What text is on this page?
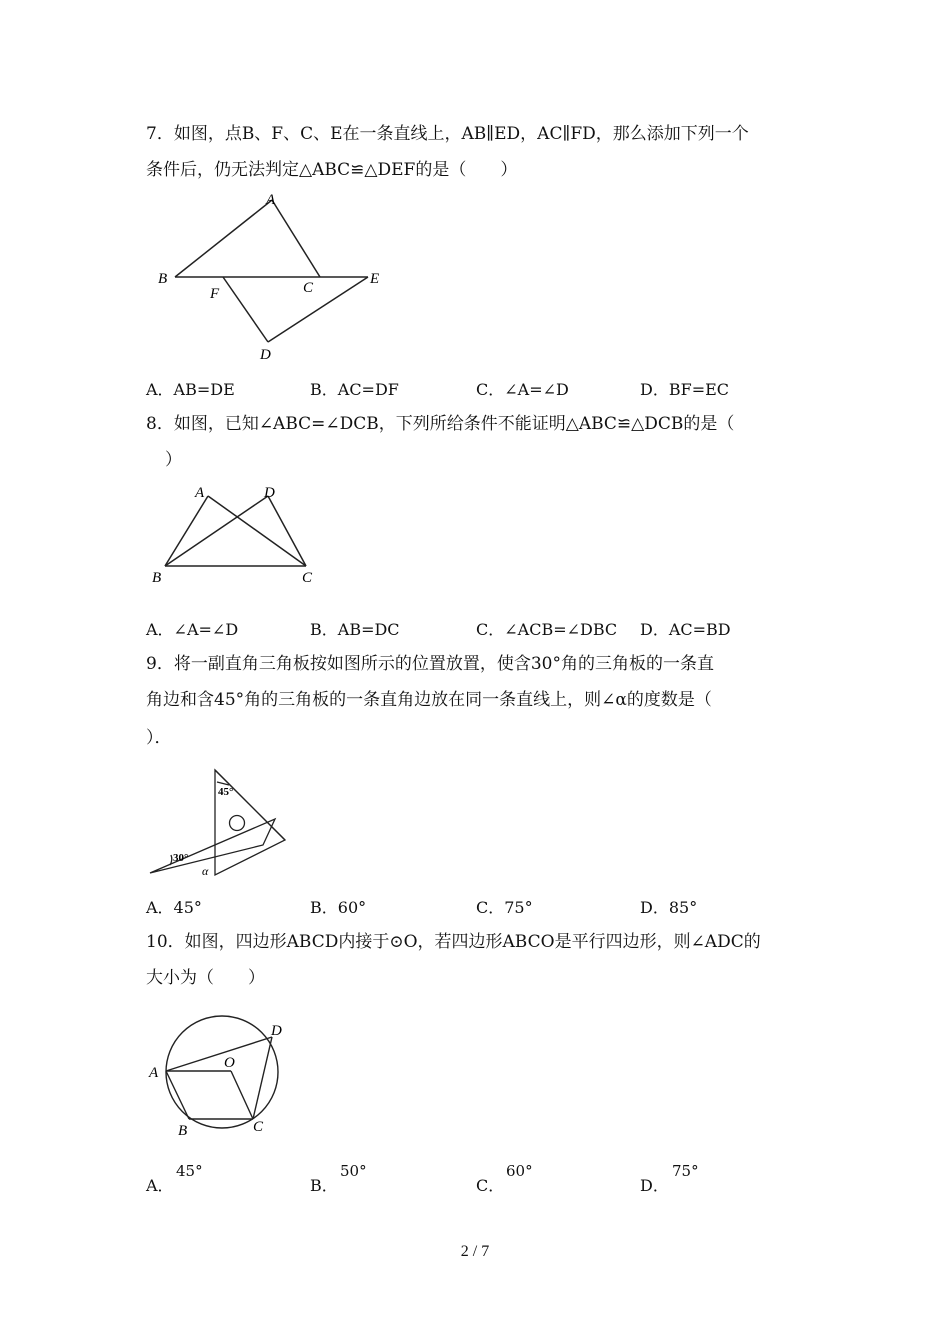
7．如图，点B、F、C、E在一条直线上，AB∥ED，AC∥FD，那么添加下列一个
条件后，仍无法判定△ABC≌△DEF的是（　　）
A
B
F	C
E
D
A．AB=DE	B．AC=DF	C．∠A=∠D	D．BF=EC
8．如图，已知∠ABC=∠DCB，下列所给条件不能证明△ABC≌△DCB的是（
）
A	D
B	C
A．∠A=∠D	B．AB=DC	C．∠ACB=∠DBC D．AC=BD
9．将一副直角三角板按如图所示的位置放置，使含30°角的三角板的一条直
角边和含45°角的三角板的一条直角边放在同一条直线上，则∠α的度数是（
）．
45°
30°
α
A．45°	B．60°	C．75°	D．85°
10．如图，四边形ABCD内接于⊙O，若四边形ABCO是平行四边形，则∠ADC的
大小为（　　）
A
O
D
B	C
A．
45°
B．
50°
C．
60°
D．
75°
2 / 7
